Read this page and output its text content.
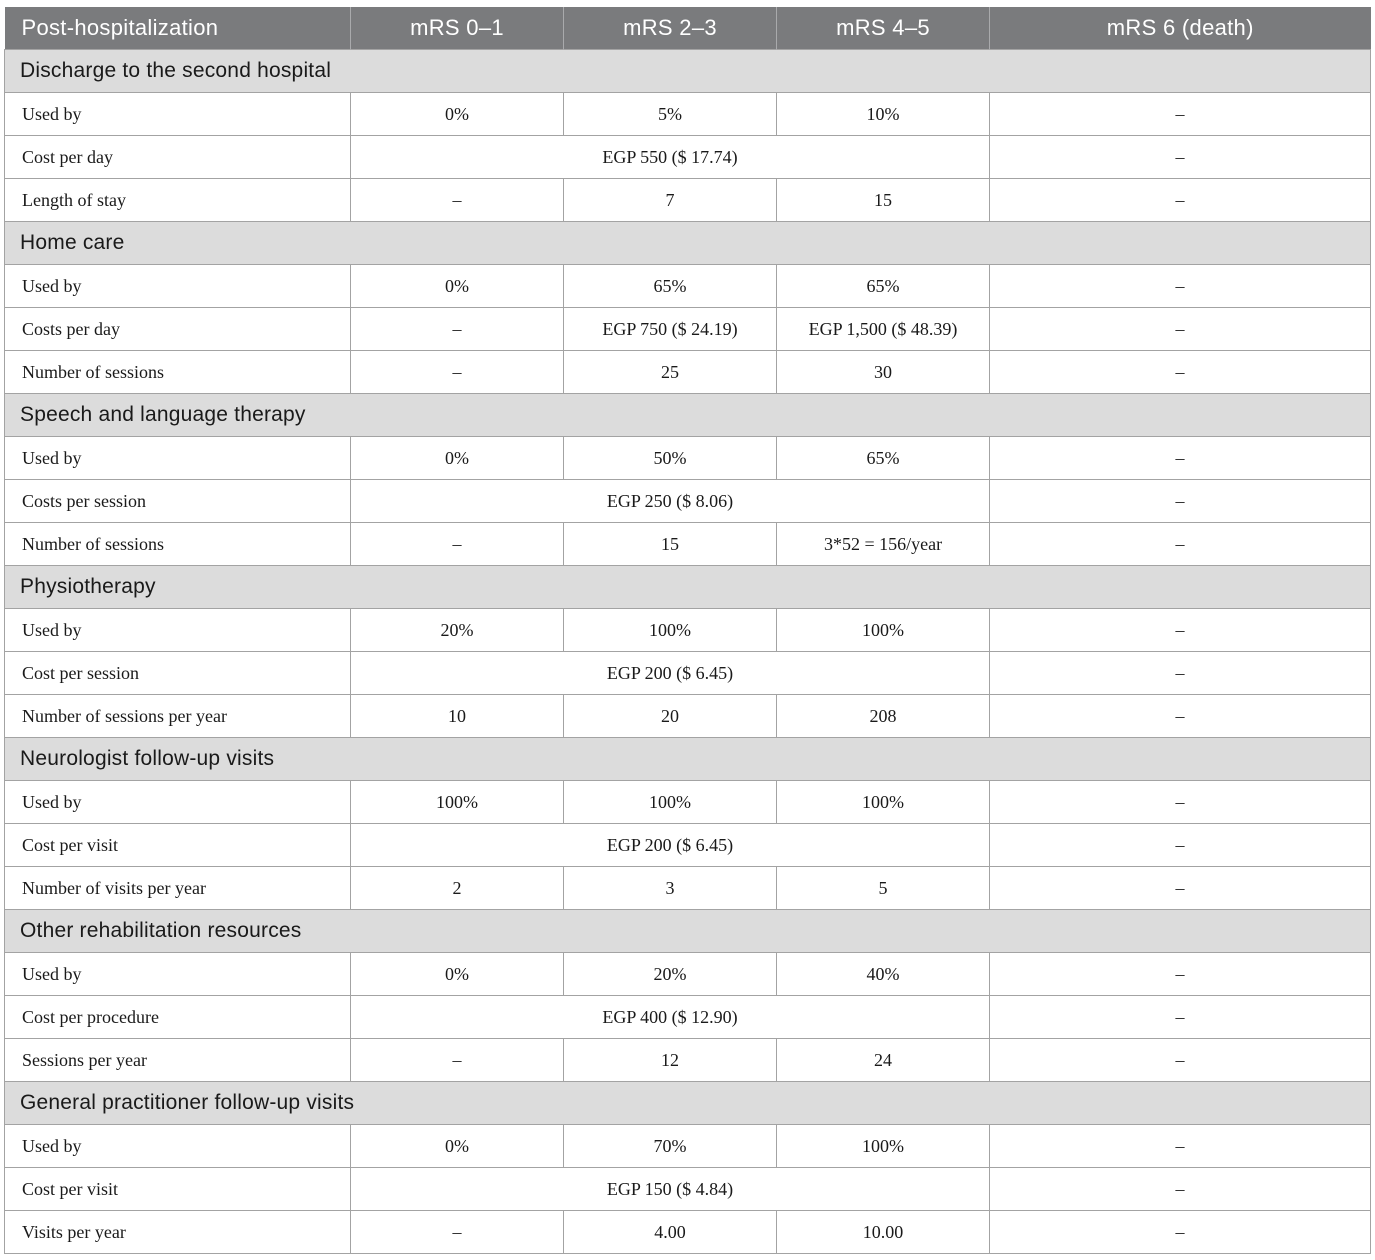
Post-hospitalization	mRS 0–1	mRS 2–3	mRS 4–5	mRS 6 (death)
Discharge to the second hospital				
Used by	0%	5%	10%	–
Cost per day	EGP 550 ($ 17.74)			–
Length of stay	–	7	15	–
Home care				
Used by	0%	65%	65%	–
Costs per day	–	EGP 750 ($ 24.19)	EGP 1,500 ($ 48.39)	–
Number of sessions	–	25	30	–
Speech and language therapy				
Used by	0%	50%	65%	–
Costs per session	EGP 250 ($ 8.06)			–
Number of sessions	–	15	3*52 = 156/year	–
Physiotherapy				
Used by	20%	100%	100%	–
Cost per session	EGP 200 ($ 6.45)			–
Number of sessions per year	10	20	208	–
Neurologist follow-up visits				
Used by	100%	100%	100%	–
Cost per visit	EGP 200 ($ 6.45)			–
Number of visits per year	2	3	5	–
Other rehabilitation resources				
Used by	0%	20%	40%	–
Cost per procedure	EGP 400 ($ 12.90)			–
Sessions per year	–	12	24	–
General practitioner follow-up visits				
Used by	0%	70%	100%	–
Cost per visit	EGP 150 ($ 4.84)			–
Visits per year	–	4.00	10.00	–
